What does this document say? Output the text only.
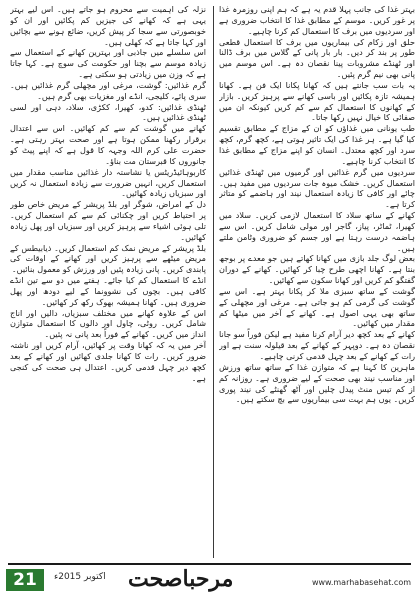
بہتر غذا کی جانب پہلا قدم یہ ہے کہ ہم اپنی روزمرہ غذا پر غور کریں۔ موسم کے مطابق غذا کا انتخاب ضروری ہے اور سردیوں میں برف کا استعمال کم کرنا چاہیے۔

حلق اور زکام کی بیماریوں میں برف کا استعمال قطعی طور پر بند کر دیں۔ بار بار پانی کے گلاس میں برف ڈالنا اور ٹھنڈے مشروبات پینا نقصان دہ ہے۔ اس موسم میں پانی بھی نیم گرم پئیں۔

یہ بات سب جانتے ہیں کہ کھانا پکانا ایک فن ہے۔ کھانا ہمیشہ تازہ پکائیں اور باسی کھانے سے پرہیز کریں۔ بازار کے کھانوں کا استعمال کم سے کم کریں کیونکہ ان میں صفائی کا خیال نہیں رکھا جاتا۔

طب یونانی میں غذاؤں کو ان کے مزاج کے مطابق تقسیم کیا گیا ہے۔ ہر غذا کی ایک تاثیر ہوتی ہے، کچھ گرم، کچھ سرد اور کچھ معتدل۔ انسان کو اپنے مزاج کے مطابق غذا کا انتخاب کرنا چاہیے۔

سردیوں میں گرم غذائیں اور گرمیوں میں ٹھنڈی غذائیں استعمال کریں۔ خشک میوہ جات سردیوں میں مفید ہیں۔ چائے اور کافی کا زیادہ استعمال نیند اور ہاضمے کو متاثر کرتا ہے۔

کھانے کے ساتھ سلاد کا استعمال لازمی کریں۔ سلاد میں کھیرا، ٹماٹر، پیاز، گاجر اور مولی شامل کریں۔ اس سے ہاضمہ درست رہتا ہے اور جسم کو ضروری وٹامن ملتے ہیں۔

بعض لوگ جلد بازی میں کھانا کھاتے ہیں جو معدے پر بوجھ بنتا ہے۔ کھانا اچھی طرح چبا کر کھائیں۔ کھانے کے دوران گفتگو کم کریں اور کھانا سکون سے کھائیں۔

گوشت کے ساتھ سبزی ملا کر پکانا بہتر ہے۔ اس سے گوشت کی گرمی کم ہو جاتی ہے۔ مرغی اور مچھلی کے ساتھ بھی یہی اصول ہے۔ کھانے کے آخر میں میٹھا کم مقدار میں کھائیں۔

کھانے کے بعد کچھ دیر آرام کرنا مفید ہے لیکن فوراً سو جانا نقصان دہ ہے۔ دوپہر کے کھانے کے بعد قیلولہ سنت ہے اور رات کے کھانے کے بعد چہل قدمی کرنی چاہیے۔

ماہرین کا کہنا ہے کہ متوازن غذا کے ساتھ ساتھ ورزش اور مناسب نیند بھی صحت کے لیے ضروری ہے۔ روزانہ کم از کم تیس منٹ پیدل چلیں اور آٹھ گھنٹے کی نیند پوری کریں۔ یوں ہم بہت سی بیماریوں سے بچ سکتے ہیں۔

نزلہ کی اہمیت سے محروم ہو جاتے ہیں۔ اس لیے بہتر یہی ہے کہ کھانے کی جیزیں کم پکائیں اور ان کو خوبصورتی سے سجا کر پیش کریں، ضائع ہونے سے بچائیں اور کہا جاتا ہے کہ کھلی ہیں۔

اس سلسلے میں جاذبی اور بہترین کھانے کے استعمال سے زیادہ موسم سے بچنا اور حکومت کی سوچ ہے۔ کہا جاتا ہے کہ وزن میں زیادتی ہو سکتی ہے۔

گرم غذائیں: گوشت، مرغی اور مچھلی گرم غذائیں ہیں۔ سری پائے، کلیجی، انڈے اور مغزیات بھی گرم ہیں۔

ٹھنڈی غذائیں: کدو، کھیرا، ککڑی، سلاد، دہی اور لسی ٹھنڈی غذائیں ہیں۔

کھانے میں گوشت کم سے کم کھائیں۔ اس سے اعتدال برقرار رکھنا ممکن ہوتا ہے اور صحت بہتر رہتی ہے۔ حضرت علی کرم اللہ وجہہ کا قول ہے کہ اپنے پیٹ کو جانوروں کا قبرستان مت بناؤ۔

کاربوہائیڈریٹس یا نشاستہ دار غذائیں مناسب مقدار میں استعمال کریں، انہیں ضرورت سے زیادہ استعمال نہ کریں اور سبزیاں زیادہ کھائیں۔

دل کے امراض، شوگر اور بلڈ پریشر کے مریض خاص طور پر احتیاط کریں اور چکنائی کم سے کم استعمال کریں۔ تلی ہوئی اشیاء سے پرہیز کریں اور سبزیاں اور پھل زیادہ کھائیں۔

بلڈ پریشر کے مریض نمک کم استعمال کریں۔ ذیابیطس کے مریض میٹھے سے پرہیز کریں اور کھانے کے اوقات کی پابندی کریں۔ پانی زیادہ پئیں اور ورزش کو معمول بنائیں۔

انڈے کا استعمال کم کیا جائے۔ ہفتے میں دو سے تین انڈے کافی ہیں۔ بچوں کی نشوونما کے لیے دودھ اور پھل ضروری ہیں۔ کھانا ہمیشہ بھوک رکھ کر کھائیں۔

اس کے علاوہ کھانے میں مختلف سبزیاں، دالیں اور اناج شامل کریں۔ روٹی، چاول اور دالوں کا استعمال متوازن انداز میں کریں۔ کھانے کے فوراً بعد پانی نہ پئیں۔

آخر میں یہ کہ کھانا وقت پر کھائیں، آرام کریں اور ناشتہ ضرور کریں۔ رات کا کھانا جلدی کھائیں اور کھانے کے بعد کچھ دیر چہل قدمی کریں۔ اعتدال ہی صحت کی کنجی ہے۔

21	اکتوبر 2015ء مرحباصحت	www.marhabasehat.com
